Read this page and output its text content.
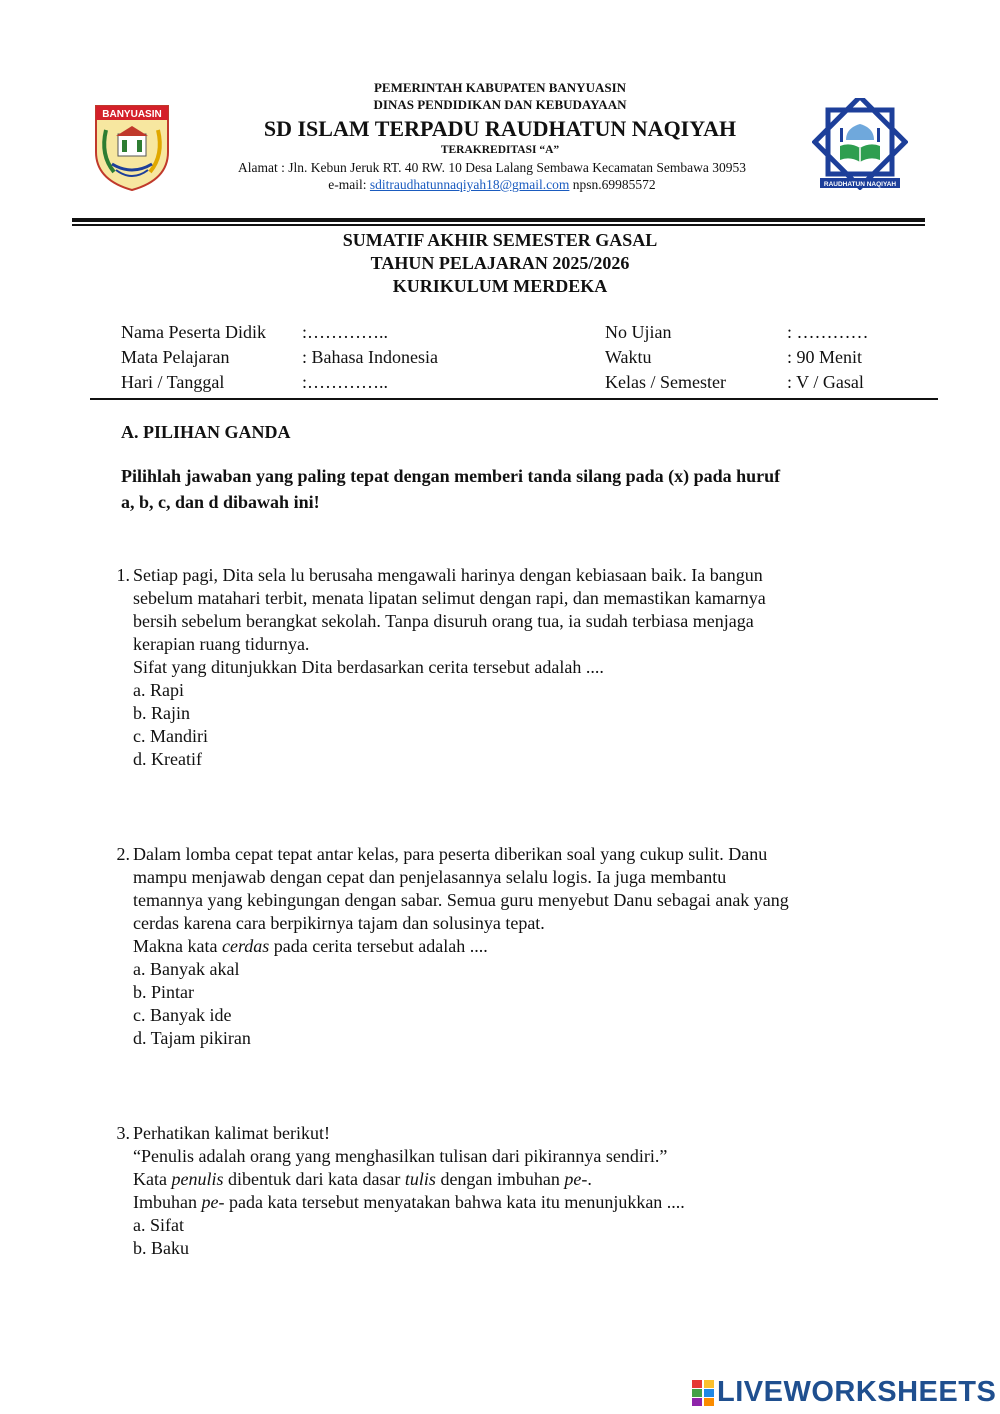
BANYUASIN
PEMERINTAH KABUPATEN BANYUASIN
DINAS PENDIDIKAN DAN KEBUDAYAAN
SD ISLAM TERPADU RAUDHATUN NAQIYAH
TERAKREDITASI “A”
Alamat : Jln. Kebun Jeruk RT. 40 RW. 10 Desa Lalang Sembawa Kecamatan Sembawa 30953
e-mail: sditraudhatunnaqiyah18@gmail.com npsn.69985572	RAUDHATUN NAQIYAH
SUMATIF AKHIR SEMESTER GASAL
TAHUN PELAJARAN 2025/2026
KURIKULUM MERDEKA
Nama Peserta Didik :…………..	No Ujian	: …………
Mata Pelajaran	: Bahasa Indonesia	Waktu	: 90 Menit
Hari / Tanggal	:…………..	Kelas / Semester	: V / Gasal
A. PILIHAN GANDA
Pilihlah jawaban yang paling tepat dengan memberi tanda silang pada (x) pada huruf
a, b, c, dan d dibawah ini!
1. Setiap pagi, Dita sela lu berusaha mengawali harinya dengan kebiasaan baik. Ia bangun
sebelum matahari terbit, menata lipatan selimut dengan rapi, dan memastikan kamarnya
bersih sebelum berangkat sekolah. Tanpa disuruh orang tua, ia sudah terbiasa menjaga
kerapian ruang tidurnya.
Sifat yang ditunjukkan Dita berdasarkan cerita tersebut adalah ....
a. Rapi
b. Rajin
c. Mandiri
d. Kreatif
2. Dalam lomba cepat tepat antar kelas, para peserta diberikan soal yang cukup sulit. Danu
mampu menjawab dengan cepat dan penjelasannya selalu logis. Ia juga membantu
temannya yang kebingungan dengan sabar. Semua guru menyebut Danu sebagai anak yang
cerdas karena cara berpikirnya tajam dan solusinya tepat.
Makna kata cerdas pada cerita tersebut adalah ....
a. Banyak akal
b. Pintar
c. Banyak ide
d. Tajam pikiran
3. Perhatikan kalimat berikut!
“Penulis adalah orang yang menghasilkan tulisan dari pikirannya sendiri.”
Kata penulis dibentuk dari kata dasar tulis dengan imbuhan pe-.
Imbuhan pe- pada kata tersebut menyatakan bahwa kata itu menunjukkan ....
a. Sifat
b. Baku
LIVEWORKSHEETS
